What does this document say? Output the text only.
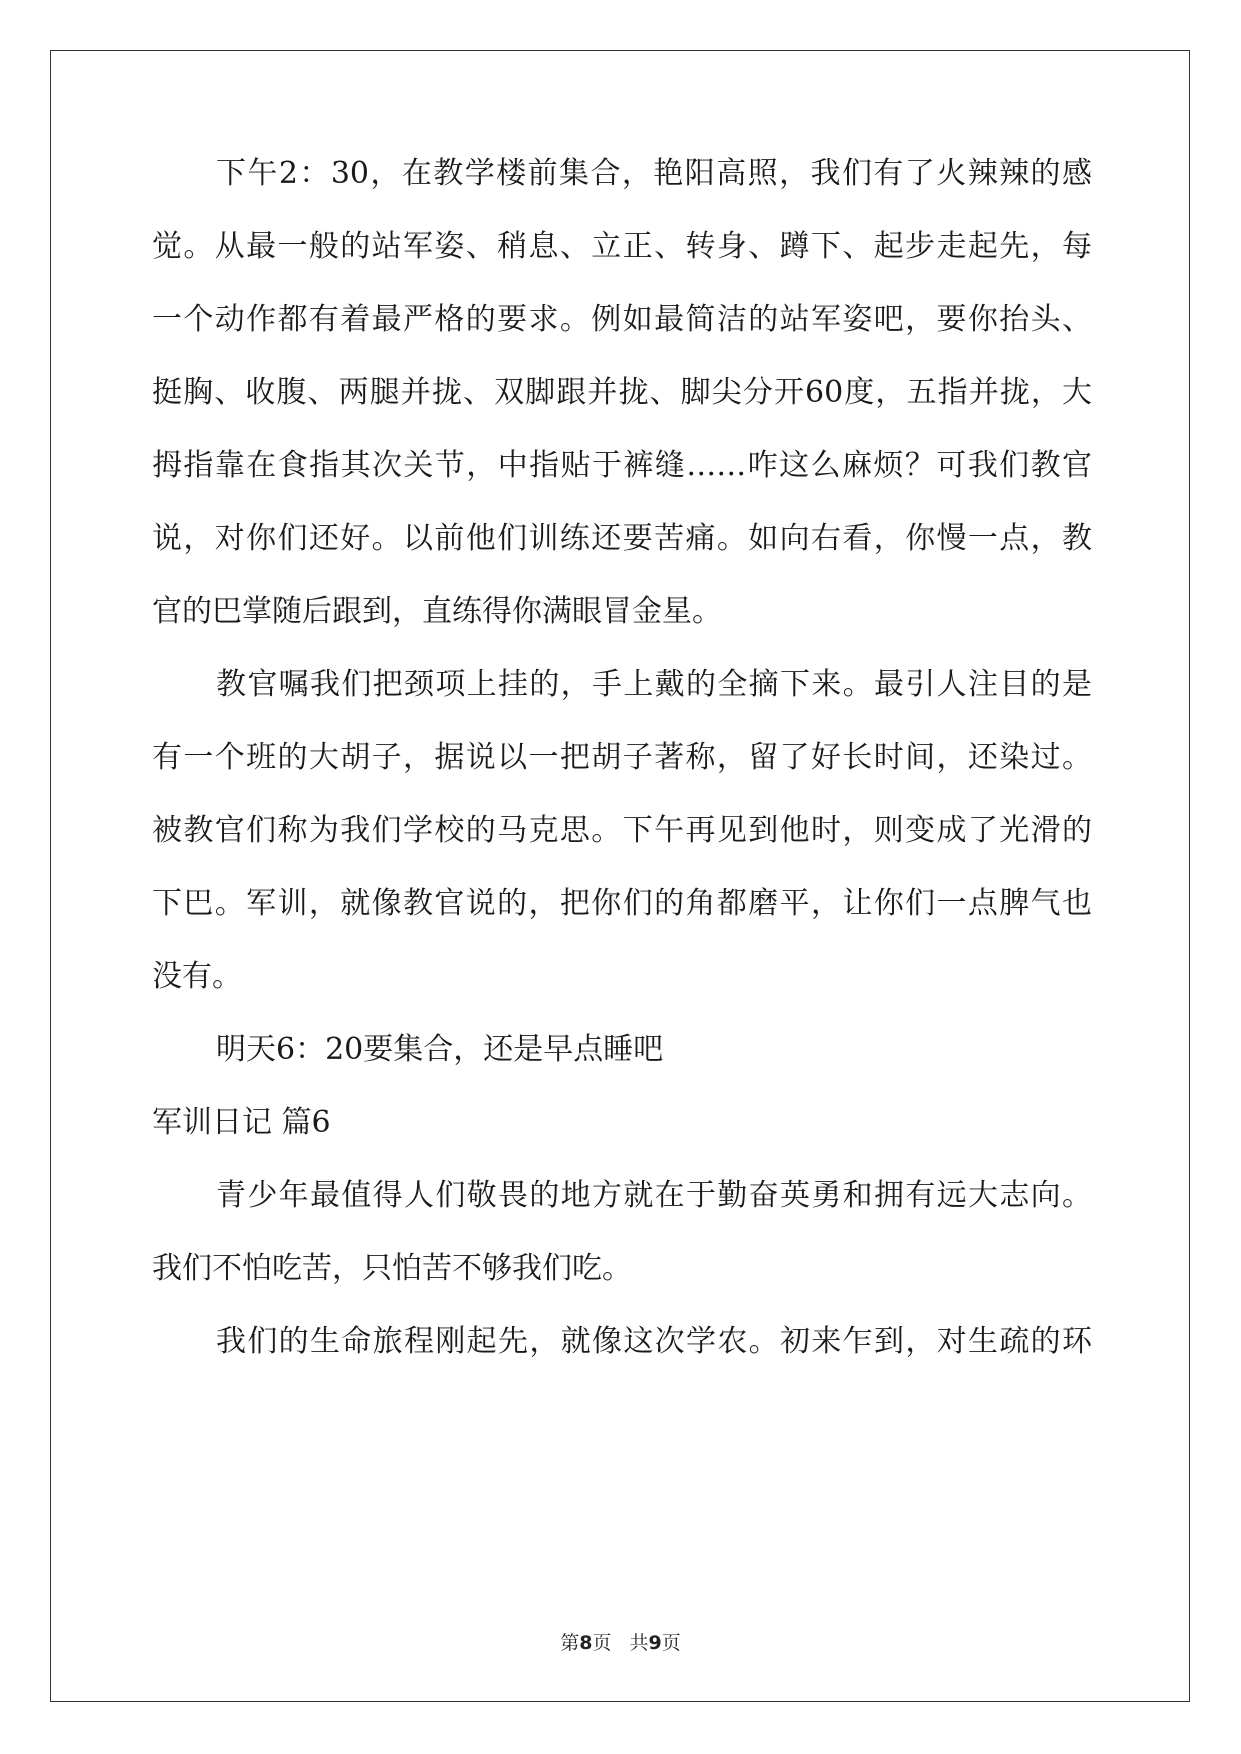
下午2：30，在教学楼前集合，艳阳高照，我们有了火辣辣的感
觉。从最一般的站军姿、稍息、立正、转身、蹲下、起步走起先，每
一个动作都有着最严格的要求。例如最简洁的站军姿吧，要你抬头、
挺胸、收腹、两腿并拢、双脚跟并拢、脚尖分开60度，五指并拢，大
拇指靠在食指其次关节，中指贴于裤缝……咋这么麻烦？可我们教官
说，对你们还好。以前他们训练还要苦痛。如向右看，你慢一点，教
官的巴掌随后跟到，直练得你满眼冒金星。
教官嘱我们把颈项上挂的，手上戴的全摘下来。最引人注目的是
有一个班的大胡子，据说以一把胡子著称，留了好长时间，还染过。
被教官们称为我们学校的马克思。下午再见到他时，则变成了光滑的
下巴。军训，就像教官说的，把你们的角都磨平，让你们一点脾气也
没有。
明天6：20要集合，还是早点睡吧
军训日记 篇6
青少年最值得人们敬畏的地方就在于勤奋英勇和拥有远大志向。
我们不怕吃苦，只怕苦不够我们吃。
我们的生命旅程刚起先，就像这次学农。初来乍到，对生疏的环
第8页 共9页
